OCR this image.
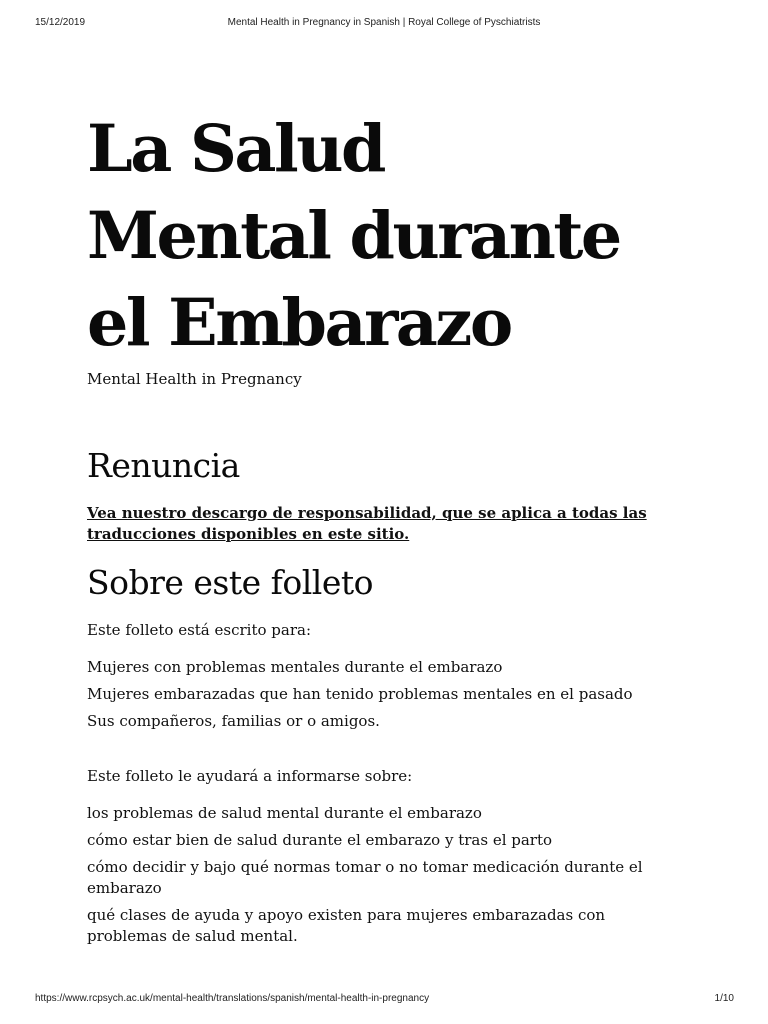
15/12/2019	Mental Health in Pregnancy in Spanish | Royal College of Pyschiatrists
La Salud
Mental durante
el Embarazo

Mental Health in Pregnancy

Renuncia
Vea nuestro descargo de responsabilidad, que se aplica a todas las traducciones disponibles en este sitio.
Sobre este folleto

Este folleto está escrito para:

Mujeres con problemas mentales durante el embarazo

Mujeres embarazadas que han tenido problemas mentales en el pasado

Sus compañeros, familias or o amigos.

Este folleto le ayudará a informarse sobre:

los problemas de salud mental durante el embarazo

cómo estar bien de salud durante el embarazo y tras el parto

cómo decidir y bajo qué normas tomar o no tomar medicación durante el embarazo

qué clases de ayuda y apoyo existen para mujeres embarazadas con problemas de salud mental.

https://www.rcpsych.ac.uk/mental-health/translations/spanish/mental-health-in-pregnancy	1/10
